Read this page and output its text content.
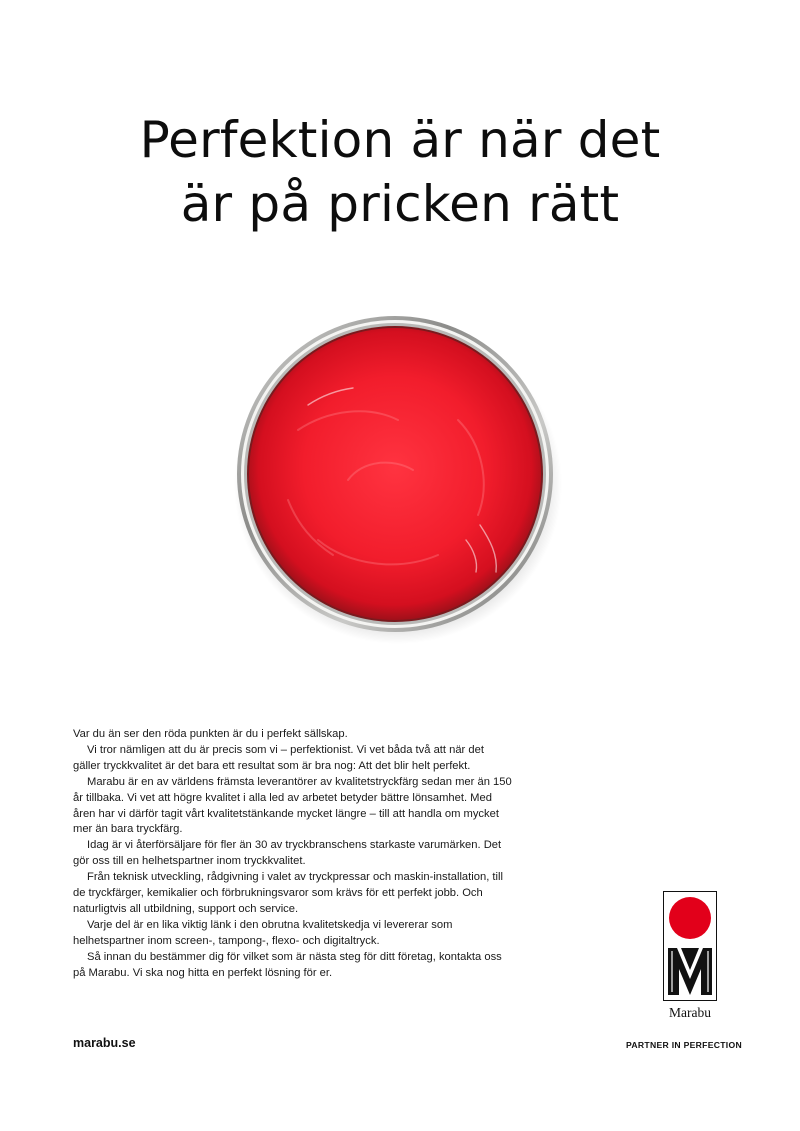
Perfektion är när det
är på pricken rätt

Var du än ser den röda punkten är du i perfekt sällskap.

Vi tror nämligen att du är precis som vi – perfektionist. Vi vet båda två att när det gäller tryckkvalitet är det bara ett resultat som är bra nog: Att det blir helt perfekt.

Marabu är en av världens främsta leverantörer av kvalitetstryckfärg sedan mer än 150 år tillbaka. Vi vet att högre kvalitet i alla led av arbetet betyder bättre lönsamhet. Med åren har vi därför tagit vårt kvalitetstänkande mycket längre – till att handla om mycket mer än bara tryckfärg.

Idag är vi återförsäljare för fler än 30 av tryckbranschens starkaste varumärken. Det gör oss till en helhetspartner inom tryckkvalitet.

Från teknisk utveckling, rådgivning i valet av tryckpressar och maskin-installation, till de tryckfärger, kemikalier och förbrukningsvaror som krävs för ett perfekt jobb. Och naturligtvis all utbildning, support och service.

Varje del är en lika viktig länk i den obrutna kvalitetskedja vi levererar som helhetspartner inom screen-, tampong-, flexo- och digitaltryck.

Så innan du bestämmer dig för vilket som är nästa steg för ditt företag, kontakta oss på Marabu. Vi ska nog hitta en perfekt lösning för er.

marabu.se
Marabu
PARTNER IN PERFECTION
